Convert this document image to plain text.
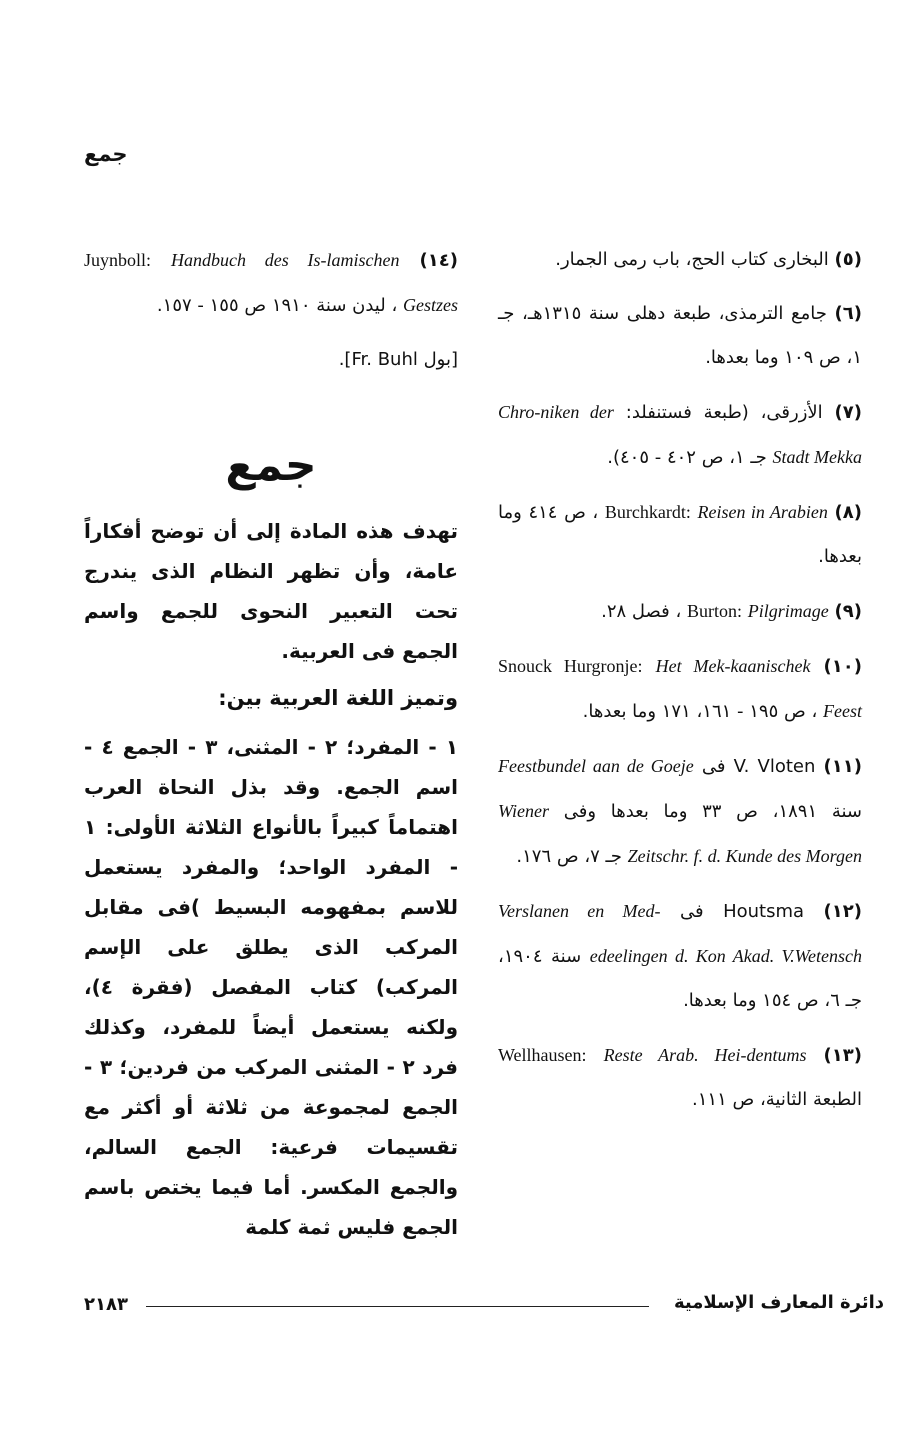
جمع
(٥) البخارى كتاب الحج، باب رمى الجمار.
(٦) جامع الترمذى، طبعة دهلى سنة ١٣١٥هـ، جـ ١، ص ١٠٩ وما بعدها.
(٧) الأزرقى، (طبعة فستنفلد: Chro-niken der Stadt Mekka جـ ١، ص ٤٠٢ - ٤٠٥).
(٨) Burchkardt: Reisen in Arabien ، ص ٤١٤ وما بعدها.
(٩) Burton: Pilgrimage ، فصل ٢٨.
(١٠) Snouck Hurgronje: Het Mek-kaanischek Feest ، ص ١٩٥ - ١٦١، ١٧١ وما بعدها.
(١١) V. Vloten فى Feestbundel aan de Goeje سنة ١٨٩١، ص ٣٣ وما بعدها وفى Wiener Zeitschr. f. d. Kunde des Morgen جـ ٧، ص ١٧٦.
(١٢) Houtsma فى Verslanen en Med-edeelingen d. Kon Akad. V.Wetensch سنة ١٩٠٤، جـ ٦، ص ١٥٤ وما بعدها.
(١٣) Wellhausen: Reste Arab. Hei-dentums الطبعة الثانية، ص ١١١.
(١٤) Juynboll: Handbuch des Is-lamischen Gestzes ، ليدن سنة ١٩١٠ ص ١٥٥ - ١٥٧.
[بول Fr. Buhl].
جمع

تهدف هذه المادة إلى أن توضح أفكاراً عامة، وأن تظهر النظام الذى يندرج تحت التعبير النحوى للجمع واسم الجمع فى العربية.

وتميز اللغة العربية بين:

١ - المفرد؛ ٢ - المثنى، ٣ - الجمع ٤ - اسم الجمع. وقد بذل النحاة العرب اهتماماً كبيراً بالأنواع الثلاثة الأولى: ١ - المفرد الواحد؛ والمفرد يستعمل للاسم بمفهومه البسيط )فى مقابل المركب الذى يطلق على الإسم المركب) كتاب المفصل (فقرة ٤)، ولكنه يستعمل أيضاً للمفرد، وكذلك فرد ٢ - المثنى المركب من فردين؛ ٣ - الجمع لمجموعة من ثلاثة أو أكثر مع تقسيمات فرعية: الجمع السالم، والجمع المكسر. أما فيما يختص باسم الجمع فليس ثمة كلمة

٢١٨٣	دائرة المعارف الإسلامية
